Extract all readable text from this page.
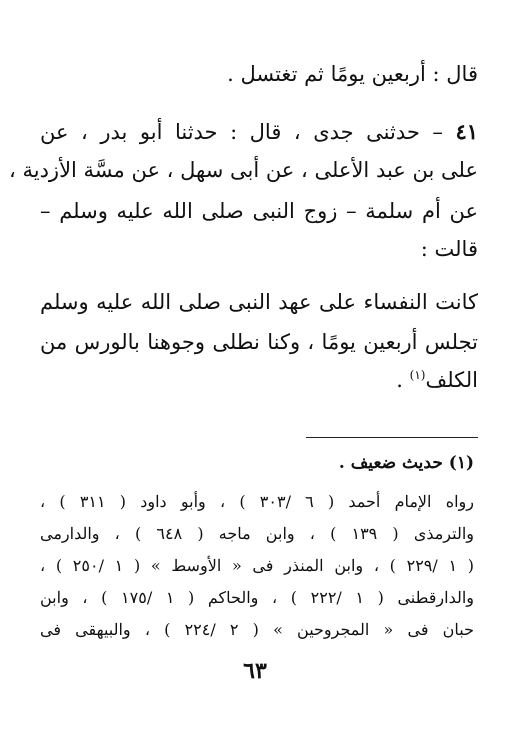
قال : أربعين يومًا ثم تغتسل .
٤١ – حدثنى جدى ، قال : حدثنا أبو بدر ، عن
على بن عبد الأعلى ، عن أبى سهل ، عن مسَّة الأزدية ،
عن أم سلمة – زوج النبى صلى الله عليه وسلم –
قالت :
كانت النفساء على عهد النبى صلى الله عليه وسلم
تجلس أربعين يومًا ، وكنا نطلى وجوهنا بالورس من
الكلف$^{(١)}$ .
(١) حديث ضعيف .
رواه الإمام أحمد ( ٦ /٣٠٣ ) ، وأبو داود ( ٣١١ ) ،
والترمذى ( ١٣٩ ) ، وابن ماجه ( ٦٤٨ ) ، والدارمى
( ١ /٢٢٩ ) ، وابن المنذر فى « الأوسط » ( ١ /٢٥٠ ) ،
والدارقطنى ( ١ /٢٢٢ ) ، والحاكم ( ١ /١٧٥ ) ، وابن
حبان فى « المجروحين » ( ٢ /٢٢٤ ) ، والبيهقى فى
٦٣
